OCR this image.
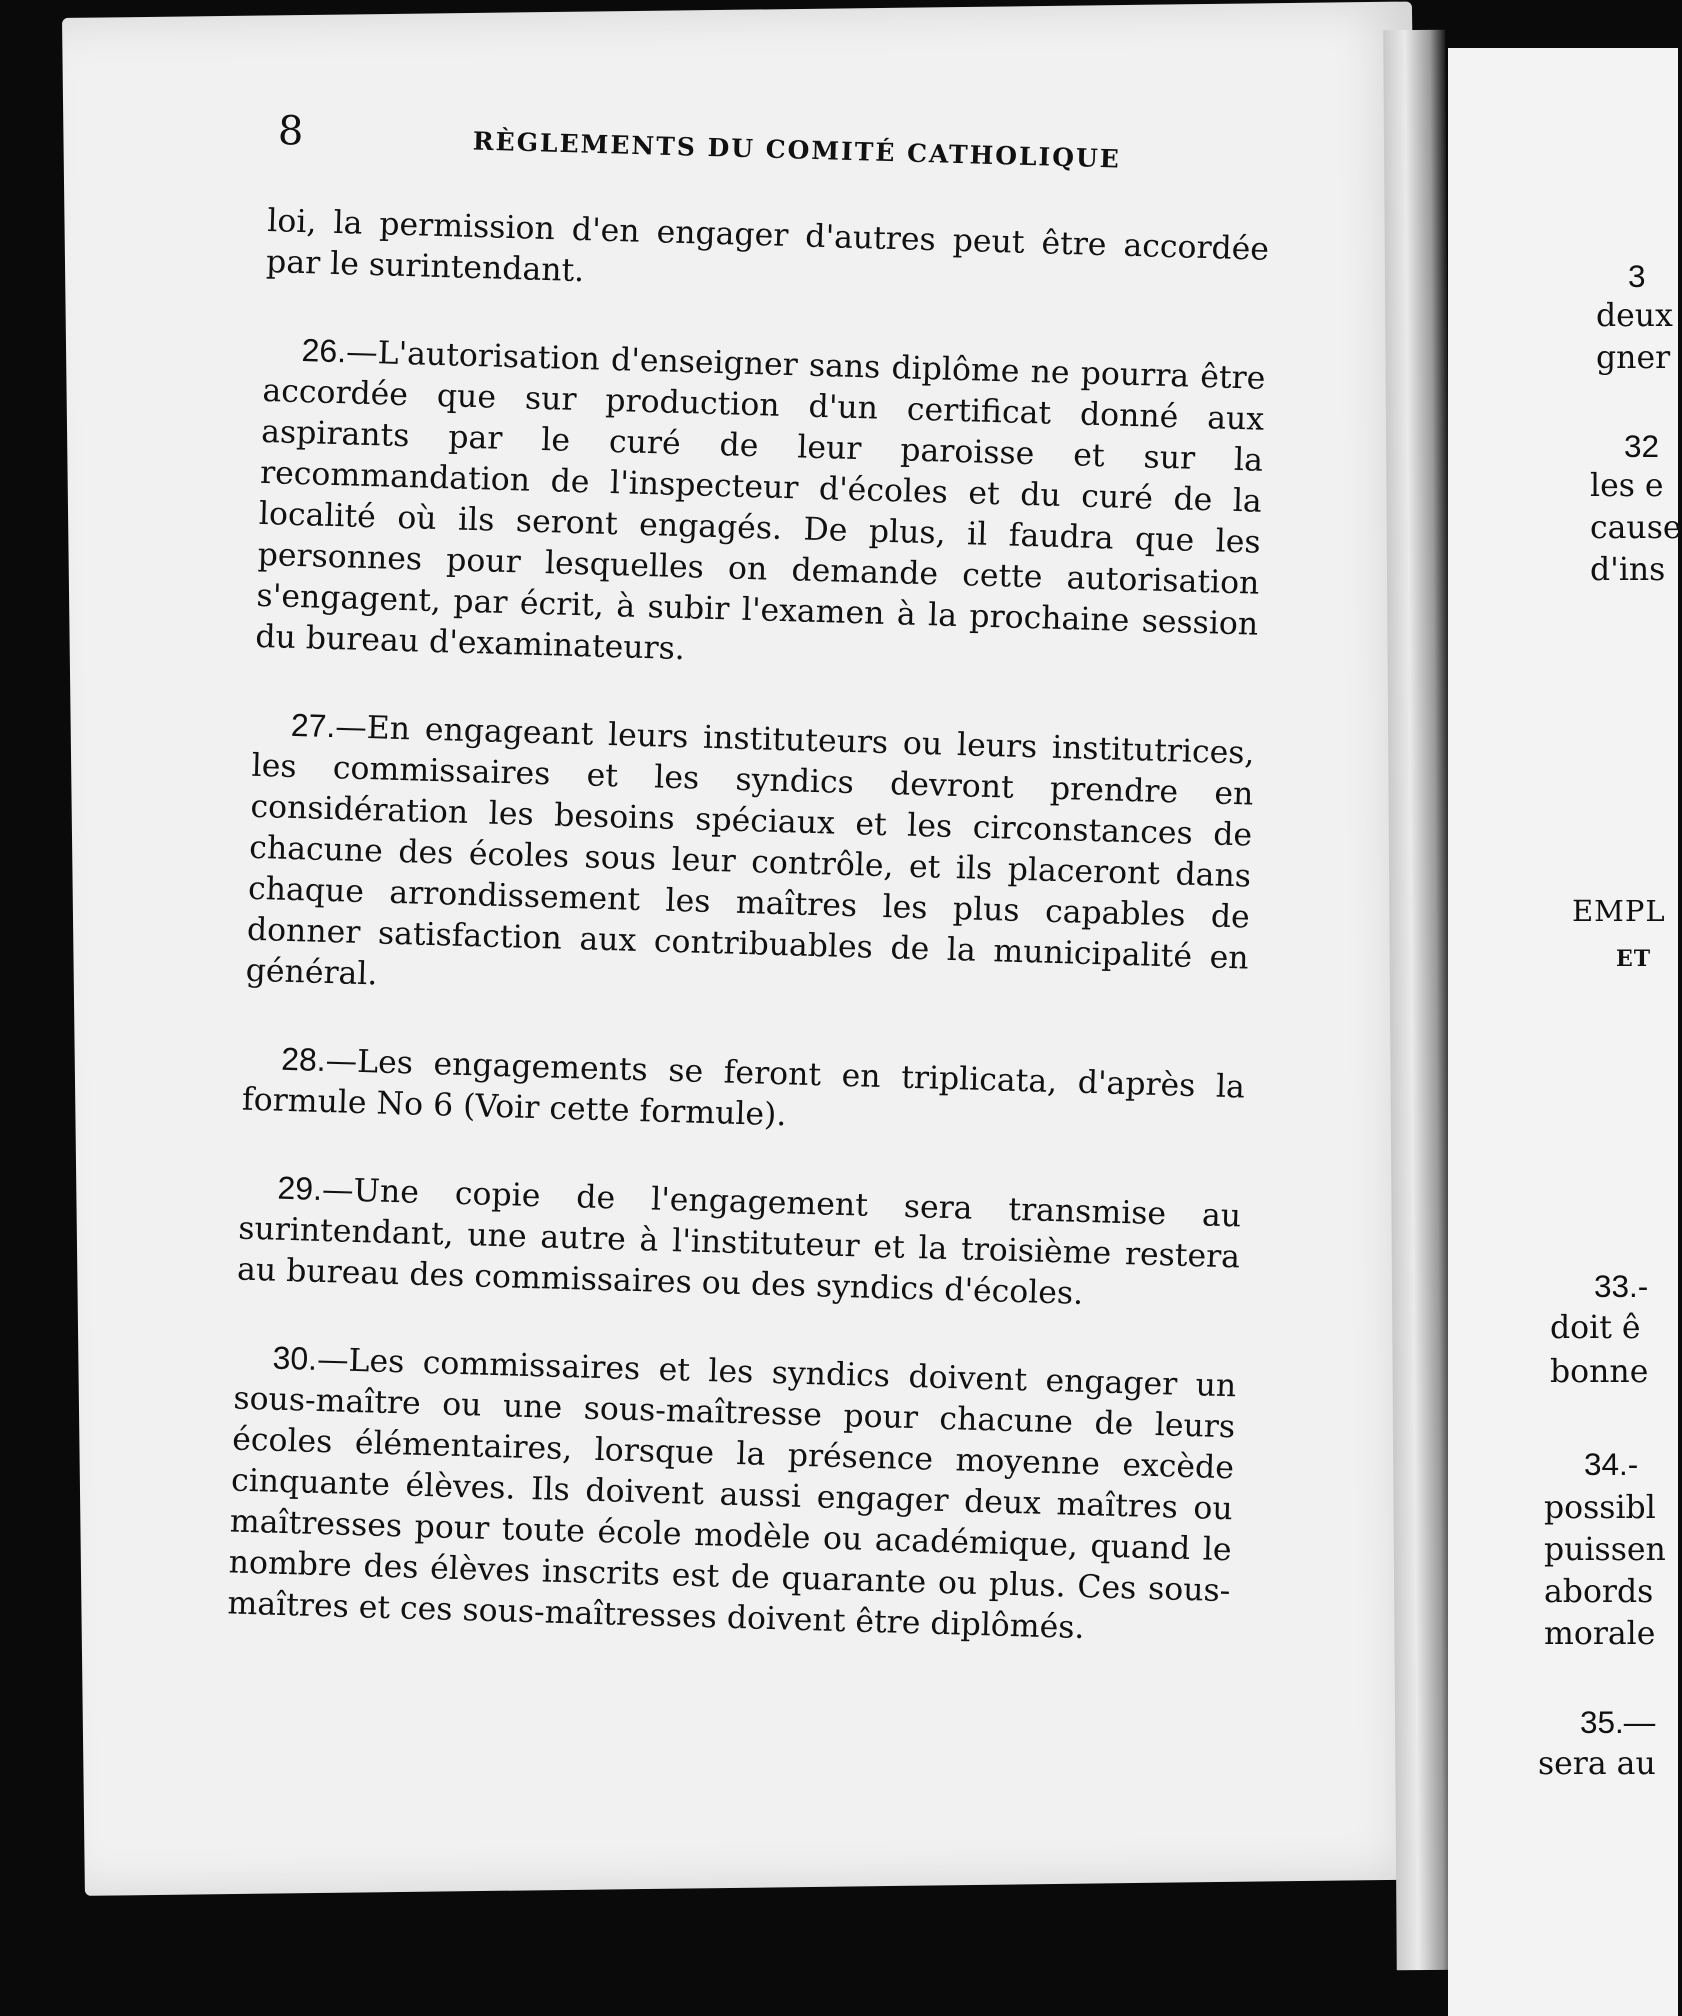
8	RÈGLEMENTS DU COMITÉ CATHOLIQUE

loi, la permission d'en engager d'autres peut être accordée par le surintendant.

26.—L'autorisation d'enseigner sans diplôme ne pourra être accordée que sur production d'un certificat donné aux aspirants par le curé de leur paroisse et sur la recommandation de l'inspecteur d'écoles et du curé de la localité où ils seront engagés. De plus, il faudra que les personnes pour lesquelles on demande cette autorisation s'engagent, par écrit, à subir l'examen à la prochaine session du bureau d'examinateurs.

27.—En engageant leurs instituteurs ou leurs institutrices, les commissaires et les syndics devront prendre en considération les besoins spéciaux et les circonstances de chacune des écoles sous leur contrôle, et ils placeront dans chaque arrondissement les maîtres les plus capables de donner satisfaction aux contribuables de la municipalité en général.

28.—Les engagements se feront en triplicata, d'après la formule No 6 (Voir cette formule).

29.—Une copie de l'engagement sera transmise au surintendant, une autre à l'instituteur et la troisième restera au bureau des commissaires ou des syndics d'écoles.

30.—Les commissaires et les syndics doivent engager un sous-maître ou une sous-maîtresse pour chacune de leurs écoles élémentaires, lorsque la présence moyenne excède cinquante élèves. Ils doivent aussi engager deux maîtres ou maîtresses pour toute école modèle ou académique, quand le nombre des élèves inscrits est de quarante ou plus. Ces sous-maîtres et ces sous-maîtresses doivent être diplômés.

3
deux
gner
32
les e
cause
d'ins
EMPL
ET
33.-
doit ê
bonne
34.-
possibl
puissen
abords
morale
35.—
sera au
